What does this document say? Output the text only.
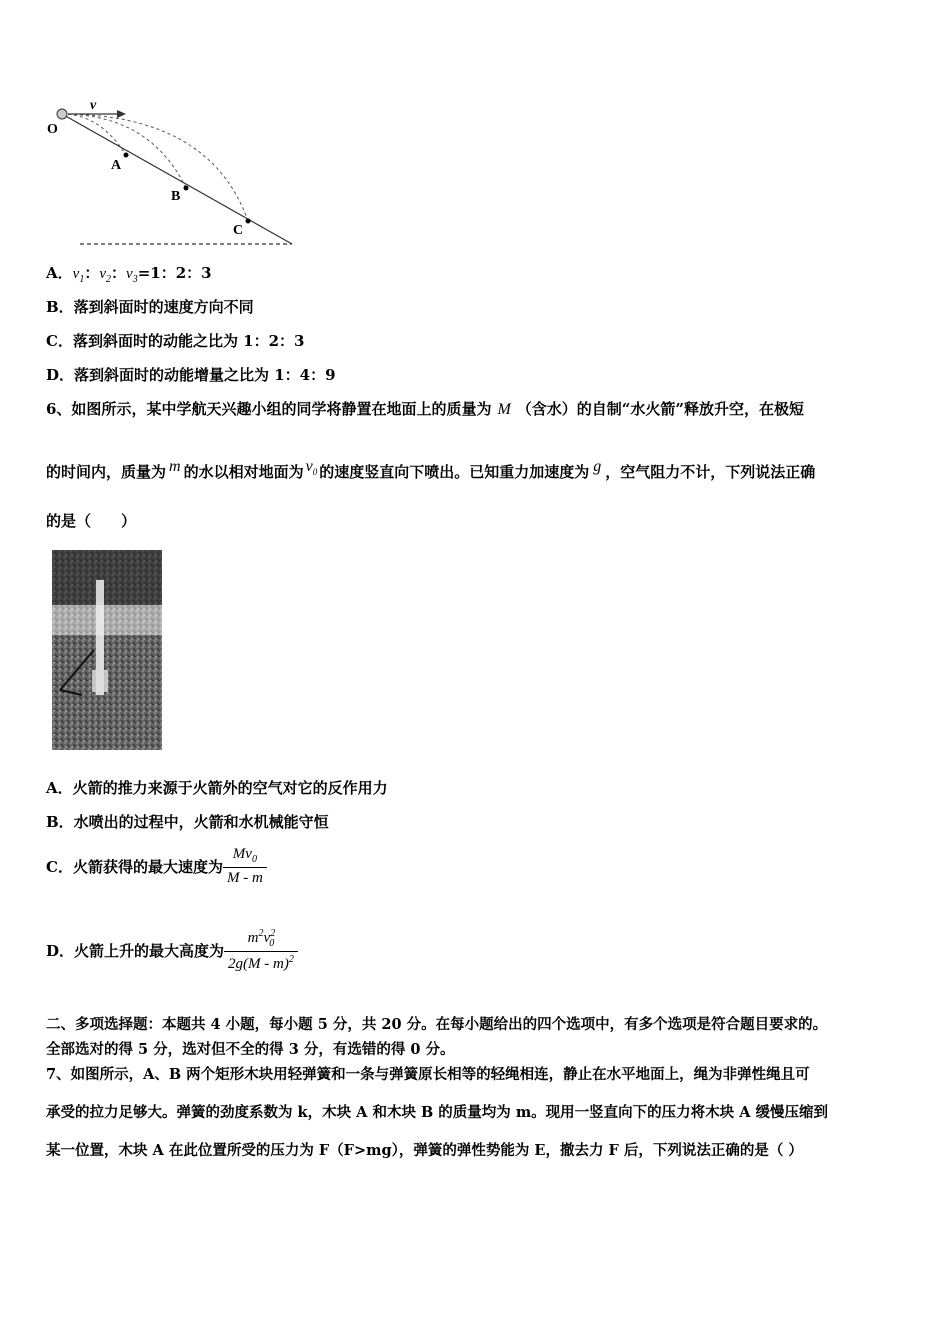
O
v
A
B
C
A．$v_1$：$v_2$：$v_3=1$：2：3
B．落到斜面时的速度方向不同
C．落到斜面时的动能之比为 1：2：3
D．落到斜面时的动能增量之比为 1：4：9
6、如图所示，某中学航天兴趣小组的同学将静置在地面上的质量为 M （含水）的自制“水火箭”释放升空，在极短
的时间内，质量为 $^m$ 的水以相对地面为 $^{v_0}$ 的速度竖直向下喷出。已知重力加速度为 $^g$ ，空气阻力不计，下列说法正确
的是（　　）
A．火箭的推力来源于火箭外的空气对它的反作用力
B．水喷出的过程中，火箭和水机械能守恒
C．火箭获得的最大速度为 $\frac{Mv_0}{M - m}$
D．火箭上升的最大高度为 $\frac{m^2v^2_0}{2g(M - m)^2}$
二、多项选择题：本题共 4 小题，每小题 5 分，共 20 分。在每小题给出的四个选项中，有多个选项是符合题目要求的。
全部选对的得 5 分，选对但不全的得 3 分，有选错的得 0 分。
7、如图所示，A、B 两个矩形木块用轻弹簧和一条与弹簧原长相等的轻绳相连，静止在水平地面上，绳为非弹性绳且可
承受的拉力足够大。弹簧的劲度系数为 k，木块 A 和木块 B 的质量均为 m。现用一竖直向下的压力将木块 A 缓慢压缩到
某一位置，木块 A 在此位置所受的压力为 F（F>mg），弹簧的弹性势能为 E，撤去力 F 后，下列说法正确的是（ ）
